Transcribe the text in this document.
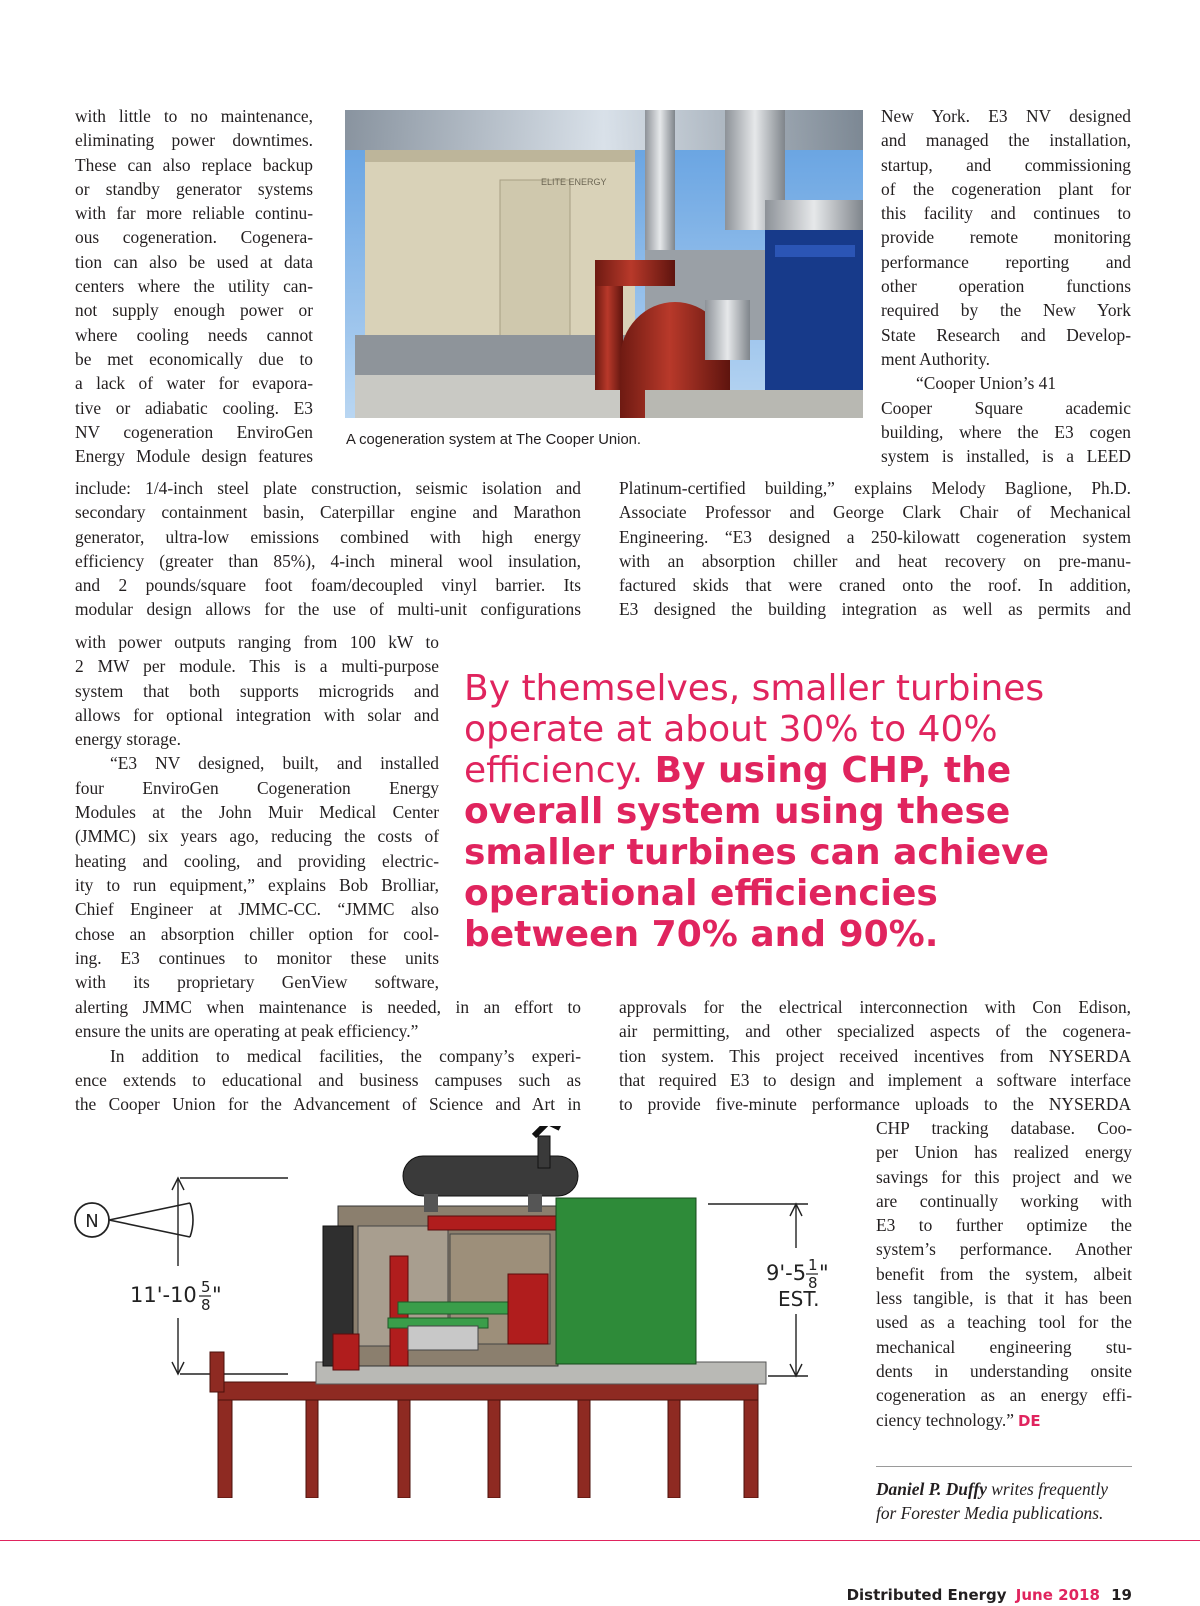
with little to no maintenance,
eliminating power downtimes.
These can also replace backup
or standby generator systems
with far more reliable continu-
ous cogeneration. Cogenera-
tion can also be used at data
centers where the utility can-
not supply enough power or
where cooling needs cannot
be met economically due to
a lack of water for evapora-
tive or adiabatic cooling. E3
NV cogeneration EnviroGen
Energy Module design features
ELITE ENERGY
A cogeneration system at The Cooper Union.
New York. E3 NV designed
and managed the installation,
startup, and commissioning
of the cogeneration plant for
this facility and continues to
provide remote monitoring
performance reporting and
other operation functions
required by the New York
State Research and Develop-
ment Authority.
“Cooper Union’s 41
Cooper Square academic
building, where the E3 cogen
system is installed, is a LEED
include: 1/4-inch steel plate construction, seismic isolation and
secondary containment basin, Caterpillar engine and Marathon
generator, ultra-low emissions combined with high energy
efficiency (greater than 85%), 4-inch mineral wool insulation,
and 2 pounds/square foot foam/decoupled vinyl barrier. Its
modular design allows for the use of multi-unit configurations
Platinum-certified building,” explains Melody Baglione, Ph.D.
Associate Professor and George Clark Chair of Mechanical
Engineering. “E3 designed a 250-kilowatt cogeneration system
with an absorption chiller and heat recovery on pre-manu-
factured skids that were craned onto the roof. In addition,
E3 designed the building integration as well as permits and
with power outputs ranging from 100 kW to
2 MW per module. This is a multi-purpose
system that both supports microgrids and
allows for optional integration with solar and
energy storage.
“E3 NV designed, built, and installed
four EnviroGen Cogeneration Energy
Modules at the John Muir Medical Center
(JMMC) six years ago, reducing the costs of
heating and cooling, and providing electric-
ity to run equipment,” explains Bob Brolliar,
Chief Engineer at JMMC-CC. “JMMC also
chose an absorption chiller option for cool-
ing. E3 continues to monitor these units
with its proprietary GenView software,
By themselves, smaller turbines
operate at about 30% to 40%
efficiency. By using CHP, the
overall system using these
smaller turbines can achieve
operational efficiencies
between 70% and 90%.
alerting JMMC when maintenance is needed, in an effort to
ensure the units are operating at peak efficiency.”
In addition to medical facilities, the company’s experi-
ence extends to educational and business campuses such as
the Cooper Union for the Advancement of Science and Art in
approvals for the electrical interconnection with Con Edison,
air permitting, and other specialized aspects of the cogenera-
tion system. This project received incentives from NYSERDA
that required E3 to design and implement a software interface
to provide five-minute performance uploads to the NYSERDA
CHP tracking database. Coo-
per Union has realized energy
savings for this project and we
are continually working with
E3 to further optimize the
system’s performance. Another
benefit from the system, albeit
less tangible, is that it has been
used as a teaching tool for the
mechanical engineering stu-
dents in understanding onsite
cogeneration as an energy effi-
ciency technology.” DE
N
11'-10 5
8 "
9'-5 1
8 "
EST.
Daniel P. Duffy writes frequently for Forester Media publications.
Distributed Energy June 2018 19
